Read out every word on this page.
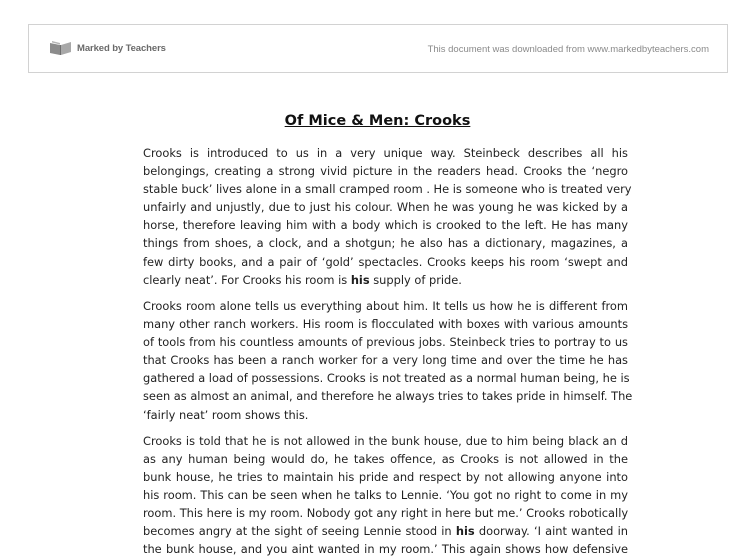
Marked by Teachers	This document was downloaded from www.markedbyteachers.com
Of Mice & Men: Crooks
Crooks is introduced to us in a very unique way. Steinbeck describes all his
belongings, creating a strong vivid picture in the readers head. Crooks the ‘negro
stable buck’ lives alone in a small cramped room . He is someone who is treated very
unfairly and unjustly, due to just his colour. When he was young he was kicked by a
horse, therefore leaving him with a body which is crooked to the left. He has many
things from shoes, a clock, and a shotgun; he also has a dictionary, magazines, a
few dirty books, and a pair of ‘gold’ spectacles. Crooks keeps his room ‘swept and
clearly neat’. For Crooks his room is his supply of pride.
Crooks room alone tells us everything about him. It tells us how he is different from
many other ranch workers. His room is flocculated with boxes with various amounts
of tools from his countless amounts of previous jobs. Steinbeck tries to portray to us
that Crooks has been a ranch worker for a very long time and over the time he has
gathered a load of possessions. Crooks is not treated as a normal human being, he is
seen as almost an animal, and therefore he always tries to takes pride in himself. The
‘fairly neat’ room shows this.
Crooks is told that he is not allowed in the bunk house, due to him being black an d
as any human being would do, he takes offence, as Crooks is not allowed in the
bunk house, he tries to maintain his pride and respect by not allowing anyone into
his room. This can be seen when he talks to Lennie. ‘You got no right to come in my
room. This here is my room. Nobody got any right in here but me.’ Crooks robotically
becomes angry at the sight of seeing Lennie stood in his doorway. ‘I aint wanted in
the bunk house, and you aint wanted in my room.’ This again shows how defensive
